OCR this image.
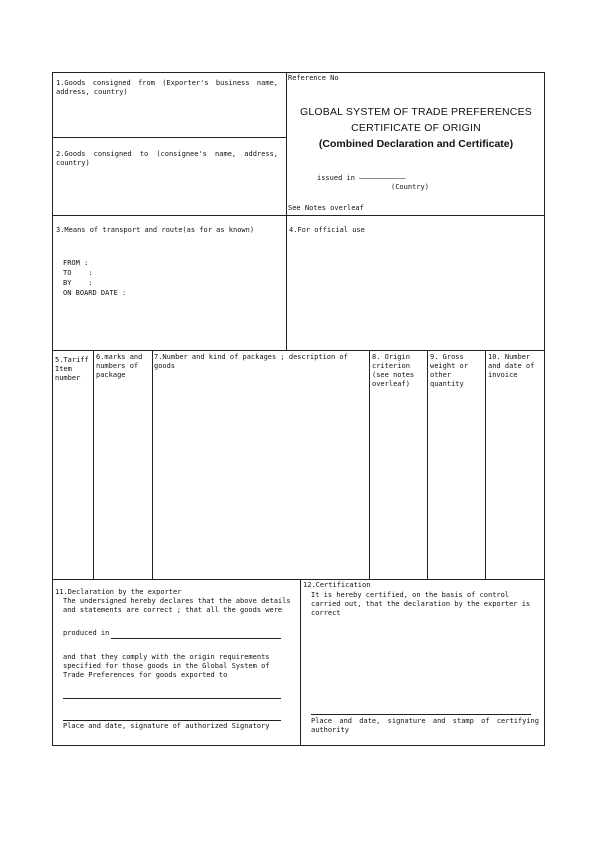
1.Goods consigned from (Exporter's business name, address, country)
Reference No
GLOBAL SYSTEM OF TRADE PREFERENCES
CERTIFICATE OF ORIGIN
(Combined Declaration and Certificate)
issued in –––––––––––
(Country)
See Notes overleaf
2.Goods consigned to (consignee's name, address, country)
3.Means of transport and route(as for as known)
FROM :
TO    :
BY    :
ON BOARD DATE :
4.For official use
5.Tariff Item number
6.marks and numbers of package
7.Number and kind of packages ; description of goods
8. Origin criterion (see notes overleaf)
9. Gross weight or other quantity
10. Number and date of invoice
11.Declaration by the exporter
The undersigned hereby declares that the above details and statements are correct ; that all the goods were
produced in
and that they comply with the origin requirements specified for those goods in the Global System of Trade Preferences for goods exported to
Place and date, signature of authorized Signatory
12.Certification
It is hereby certified, on the basis of control carried out, that the declaration by the exporter is correct
Place and date, signature and stamp of certifying authority
